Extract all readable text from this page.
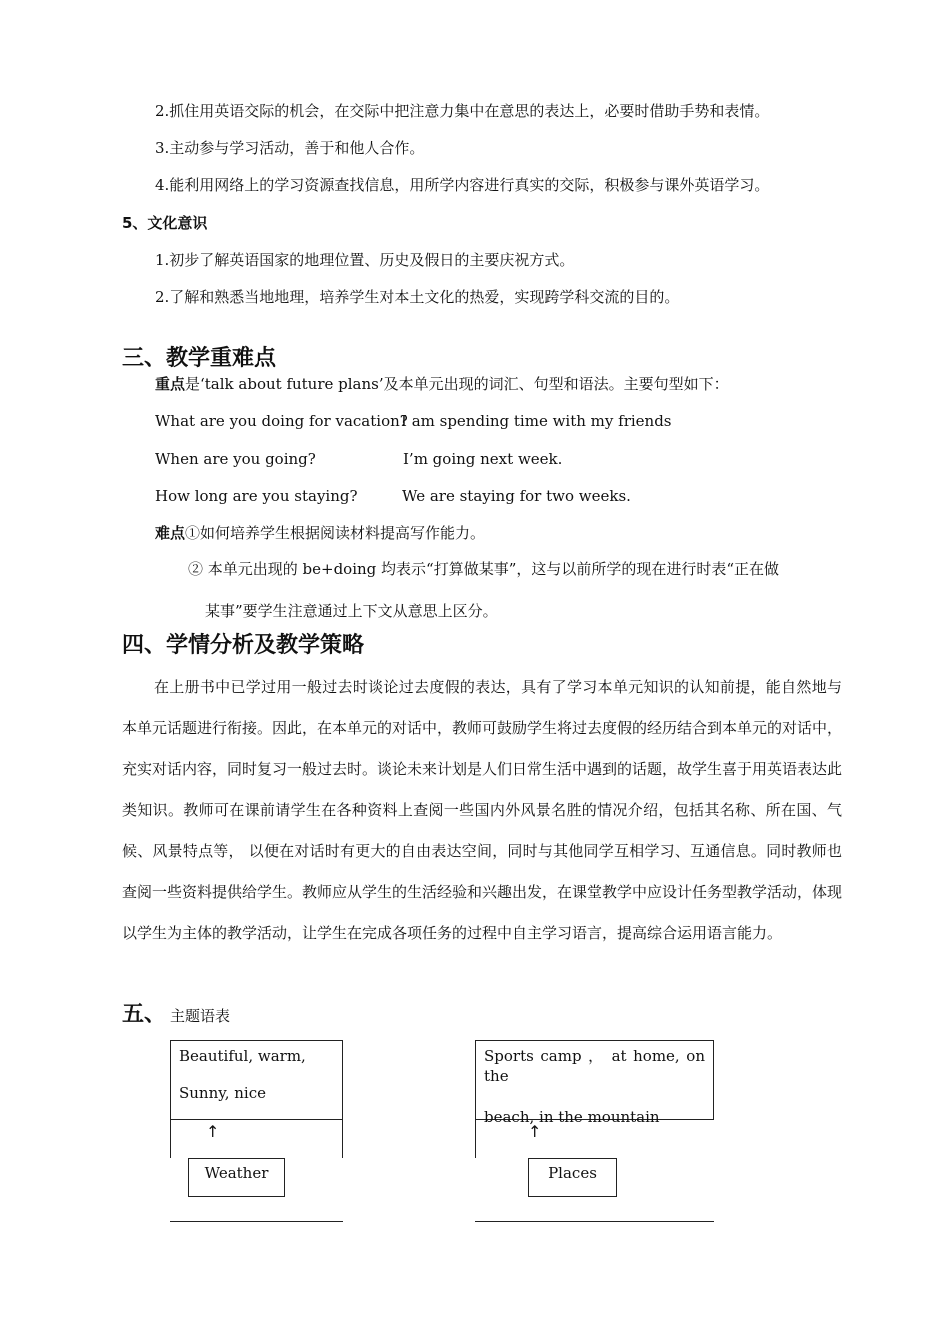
2.抓住用英语交际的机会，在交际中把注意力集中在意思的表达上，必要时借助手势和表情。
3.主动参与学习活动，善于和他人合作。
4.能利用网络上的学习资源查找信息，用所学内容进行真实的交际，积极参与课外英语学习。
5、文化意识
1.初步了解英语国家的地理位置、历史及假日的主要庆祝方式。
2.了解和熟悉当地地理，培养学生对本土文化的热爱，实现跨学科交流的目的。
三、教学重难点
重点是‘talk about future plans’及本单元出现的词汇、句型和语法。主要句型如下：
What are you doing for vacation?
I am spending time with my friends
When are you going?	I’m going next week.
How long are you staying?	We are staying for two weeks.
难点①如何培养学生根据阅读材料提高写作能力。
② 本单元出现的 be+doing 均表示“打算做某事”，这与以前所学的现在进行时表“正在做
某事”要学生注意通过上下文从意思上区分。
四、学情分析及教学策略
在上册书中已学过用一般过去时谈论过去度假的表达，具有了学习本单元知识的认知前提，能自然地与本单元话题进行衔接。因此，在本单元的对话中，教师可鼓励学生将过去度假的经历结合到本单元的对话中，充实对话内容，同时复习一般过去时。谈论未来计划是人们日常生活中遇到的话题，故学生喜于用英语表达此类知识。教师可在课前请学生在各种资料上查阅一些国内外风景名胜的情况介绍，包括其名称、所在国、气候、风景特点等， 以便在对话时有更大的自由表达空间，同时与其他同学互相学习、互通信息。同时教师也查阅一些资料提供给学生。教师应从学生的生活经验和兴趣出发，在课堂教学中应设计任务型教学活动，体现以学生为主体的教学活动，让学生在完成各项任务的过程中自主学习语言，提高综合运用语言能力。
五、 主题语表
Beautiful, warm,
Sunny, nice
↑
Weather
Sports camp ， at home, on the
beach, in the mountain
↑
Places
